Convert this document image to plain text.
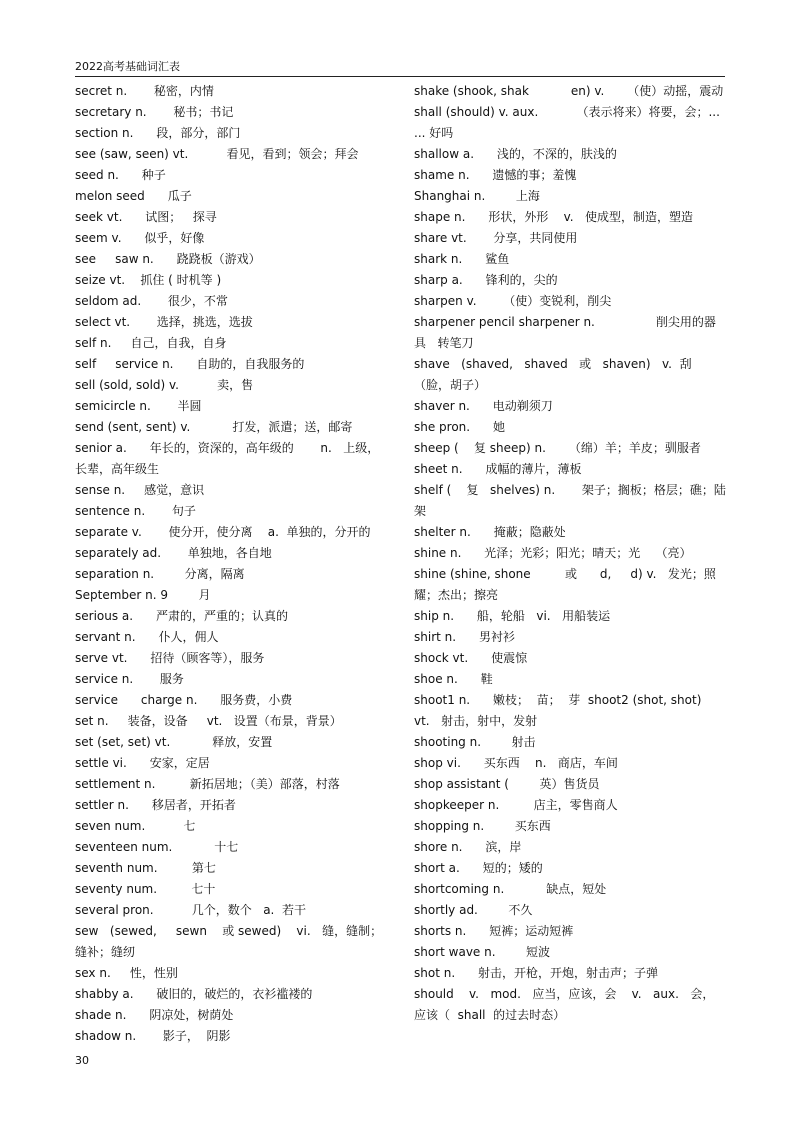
2022高考基础词汇表
secret n.       秘密，内情
secretary n.       秘书；书记
section n.      段，部分，部门
see (saw, seen) vt.          看见，看到；领会；拜会
seed n.      种子
melon seed      瓜子
seek vt.      试图；   探寻
seem v.      似乎，好像
see     saw n.      跷跷板（游戏）
seize vt.    抓住 ( 时机等 )
seldom ad.       很少，不常
select vt.       选择，挑选，选拔
self n.     自己，自我，自身
self     service n.      自助的，自我服务的
sell (sold, sold) v.          卖，售
semicircle n.       半圆
send (sent, sent) v.           打发，派遣；送，邮寄
senior a.      年长的，资深的，高年级的       n.   上级，长辈，高年级生
sense n.     感觉，意识
sentence n.       句子
separate v.       使分开，使分离    a.  单独的，分开的
separately ad.       单独地，各自地
separation n.        分离，隔离
September n. 9        月
serious a.      严肃的，严重的；认真的
servant n.      仆人，佣人
serve vt.      招待（顾客等），服务
service n.       服务
service      charge n.      服务费，小费
set n.     装备，设备     vt.   设置（布景，背景）
set (set, set) vt.           释放，安置
settle vi.      安家，定居
settlement n.         新拓居地；（美）部落，村落
settler n.      移居者，开拓者
seven num.          七
seventeen num.           十七
seventh num.         第七
seventy num.         七十
several pron.          几个，数个   a.  若干
sew   (sewed,     sewn    或 sewed)    vi.   缝，缝制；缝补；缝纫
sex n.     性，性别
shabby a.      破旧的，破烂的，衣衫褴褛的
shade n.      阴凉处，树荫处
shadow n.       影子，  阴影
shake (shook, shak           en) v.      （使）动摇，震动
shall (should) v. aux.          （表示将来）将要，会；... ... 好吗
shallow a.      浅的，不深的，肤浅的
shame n.      遗憾的事；羞愧
Shanghai n.        上海
shape n.      形状，外形    v.   使成型，制造，塑造
share vt.       分享，共同使用
shark n.      鲨鱼
sharp a.      锋利的，尖的
sharpen v.       （使）变锐利，削尖
sharpener pencil sharpener n.                削尖用的器具   转笔刀
shave   (shaved,   shaved   或   shaven)   v.  刮（脸，胡子）
shaver n.      电动剃须刀
she pron.      她
sheep (    复 sheep) n.      （绵）羊；羊皮；驯服者
sheet n.      成幅的薄片，薄板
shelf (    复   shelves) n.       架子；搁板；格层；礁；陆架
shelter n.      掩蔽；隐蔽处
shine n.      光泽；光彩；阳光；晴天；光    （亮）
shine (shine, shone         或      d,     d) v.   发光；照耀；杰出；擦亮
ship n.      船，轮船   vi.   用船装运
shirt n.      男衬衫
shock vt.      使震惊
shoe n.      鞋
shoot1 n.      嫩枝；  苗；  芽  shoot2 (shot, shot)
vt.   射击，射中，发射
shooting n.        射击
shop vi.      买东西    n.   商店，车间
shop assistant (        英）售货员
shopkeeper n.         店主，零售商人
shopping n.        买东西
shore n.      滨，岸
short a.      短的；矮的
shortcoming n.           缺点，短处
shortly ad.        不久
shorts n.      短裤；运动短裤
short wave n.        短波
shot n.      射击，开枪，开炮，射击声；子弹
should    v.   mod.   应当，应该，会    v.   aux.   会，应该（  shall  的过去时态）
30
